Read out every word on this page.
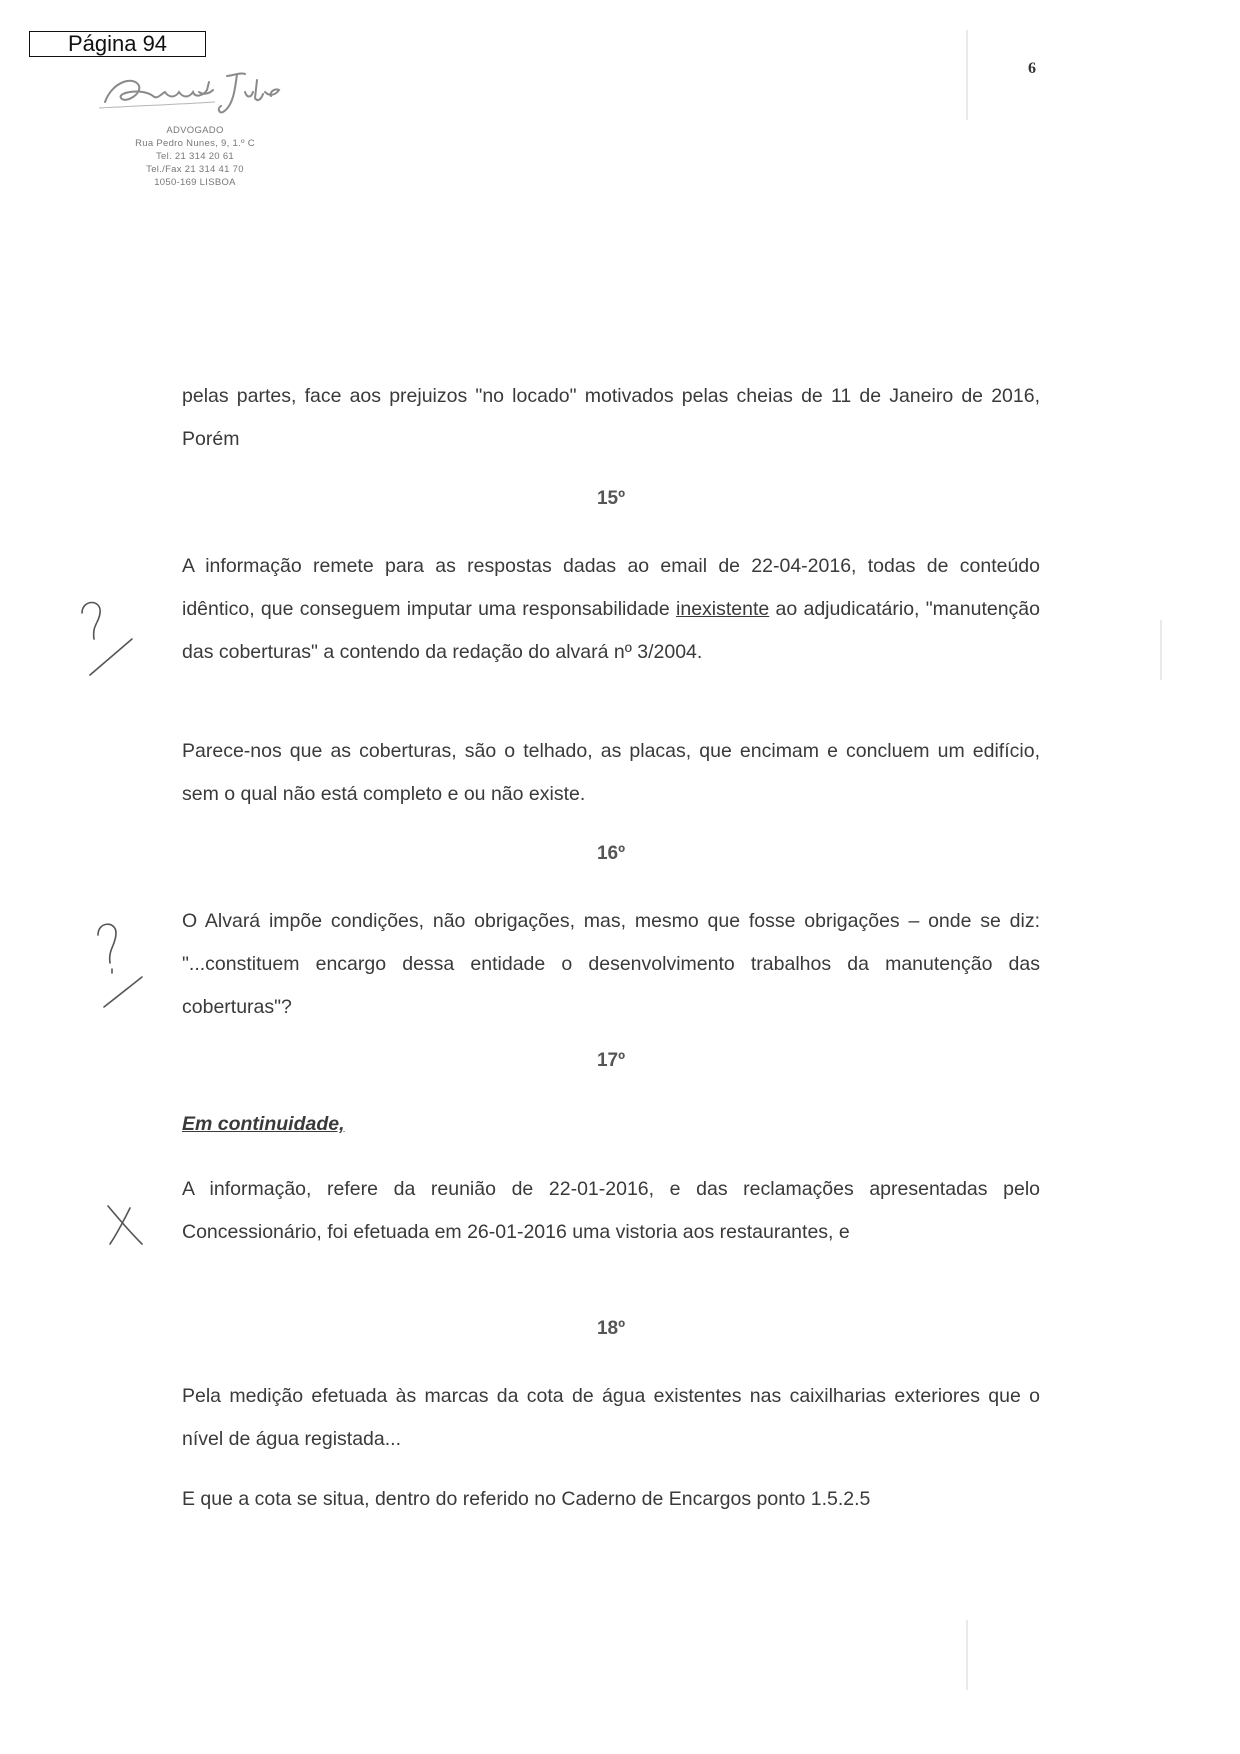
Página 94
6
ADVOGADO
Rua Pedro Nunes, 9, 1.º C
Tel. 21 314 20 61
Tel./Fax 21 314 41 70
1050-169 LISBOA
pelas partes, face aos prejuizos "no locado" motivados pelas cheias de 11 de Janeiro de 2016, Porém
15º
A informação remete para as respostas dadas ao email de 22-04-2016, todas de conteúdo idêntico, que conseguem imputar uma responsabilidade inexistente ao adjudicatário, "manutenção das coberturas" a contendo da redação do alvará nº 3/2004.
Parece-nos que as coberturas, são o telhado, as placas, que encimam e concluem um edifício, sem o qual não está completo e ou não existe.
16º
O Alvará impõe condições, não obrigações, mas, mesmo que fosse obrigações – onde se diz: "...constituem encargo dessa entidade o desenvolvimento trabalhos da manutenção das coberturas"?
17º
Em continuidade,
A informação, refere da reunião de 22-01-2016, e das reclamações apresentadas pelo Concessionário, foi efetuada em 26-01-2016 uma vistoria aos restaurantes, e
18º
Pela medição efetuada às marcas da cota de água existentes nas caixilharias exteriores que o nível de água registada...
E que a cota se situa, dentro do referido no Caderno de Encargos ponto 1.5.2.5
